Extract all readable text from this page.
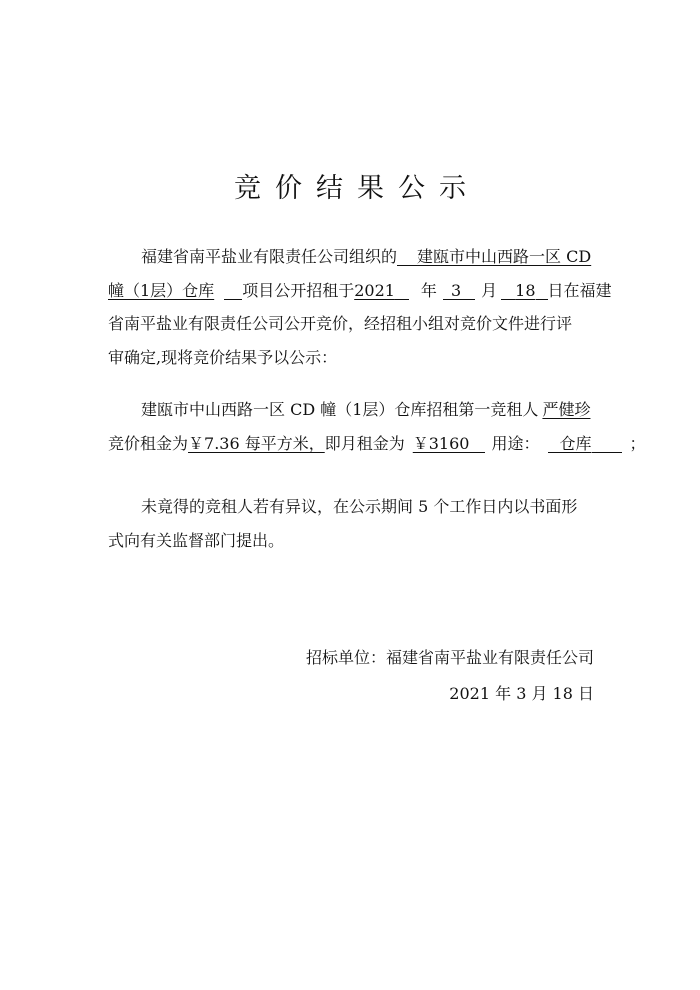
竞价结果公示
福建省南平盐业有限责任公司组织的 建瓯市中山西路一区 CD
幢（1层）仓库 项目公开招租于2021 年 3 月 18 日在福建
省南平盐业有限责任公司公开竞价，经招租小组对竞价文件进行评
审确定,现将竞价结果予以公示：
建瓯市中山西路一区 CD 幢（1层）仓库招租第一竞租人 严健珍
竞价租金为￥7.36 每平方米，即月租金为 ￥3160 用途： 仓库 ；
未竟得的竞租人若有异议，在公示期间 5 个工作日内以书面形
式向有关监督部门提出。
招标单位：福建省南平盐业有限责任公司
2021 年 3 月 18 日
